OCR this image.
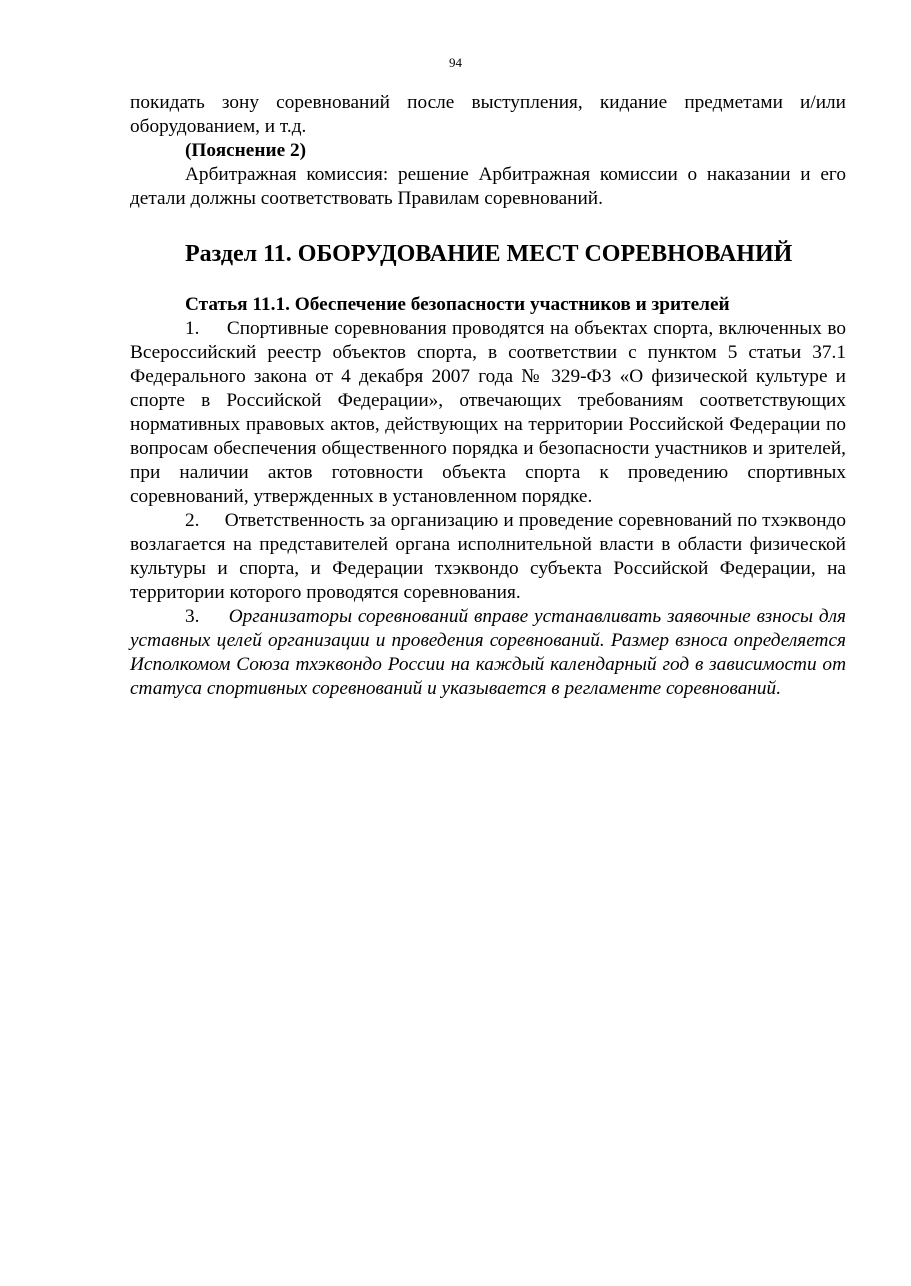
94

покидать зону соревнований после выступления, кидание предметами и/или оборудованием, и т.д.

(Пояснение 2)

Арбитражная комиссия: решение Арбитражная комиссии о наказании и его детали должны соответствовать Правилам соревнований.

Раздел 11. ОБОРУДОВАНИЕ МЕСТ СОРЕВНОВАНИЙ
Статья 11.1. Обеспечение безопасности участников и зрителей

1. Спортивные соревнования проводятся на объектах спорта, включенных во Всероссийский реестр объектов спорта, в соответствии с пунктом 5 статьи 37.1 Федерального закона от 4 декабря 2007 года № 329-ФЗ «О физической культуре и спорте в Российской Федерации», отвечающих требованиям соответствующих нормативных правовых актов, действующих на территории Российской Федерации по вопросам обеспечения общественного порядка и безопасности участников и зрителей, при наличии актов готовности объекта спорта к проведению спортивных соревнований, утвержденных в установленном порядке.

2. Ответственность за организацию и проведение соревнований по тхэквондо возлагается на представителей органа исполнительной власти в области физической культуры и спорта, и Федерации тхэквондо субъекта Российской Федерации, на территории которого проводятся соревнования.

3. Организаторы соревнований вправе устанавливать заявочные взносы для уставных целей организации и проведения соревнований. Размер взноса определяется Исполкомом Союза тхэквондо России на каждый календарный год в зависимости от статуса спортивных соревнований и указывается в регламенте соревнований.
